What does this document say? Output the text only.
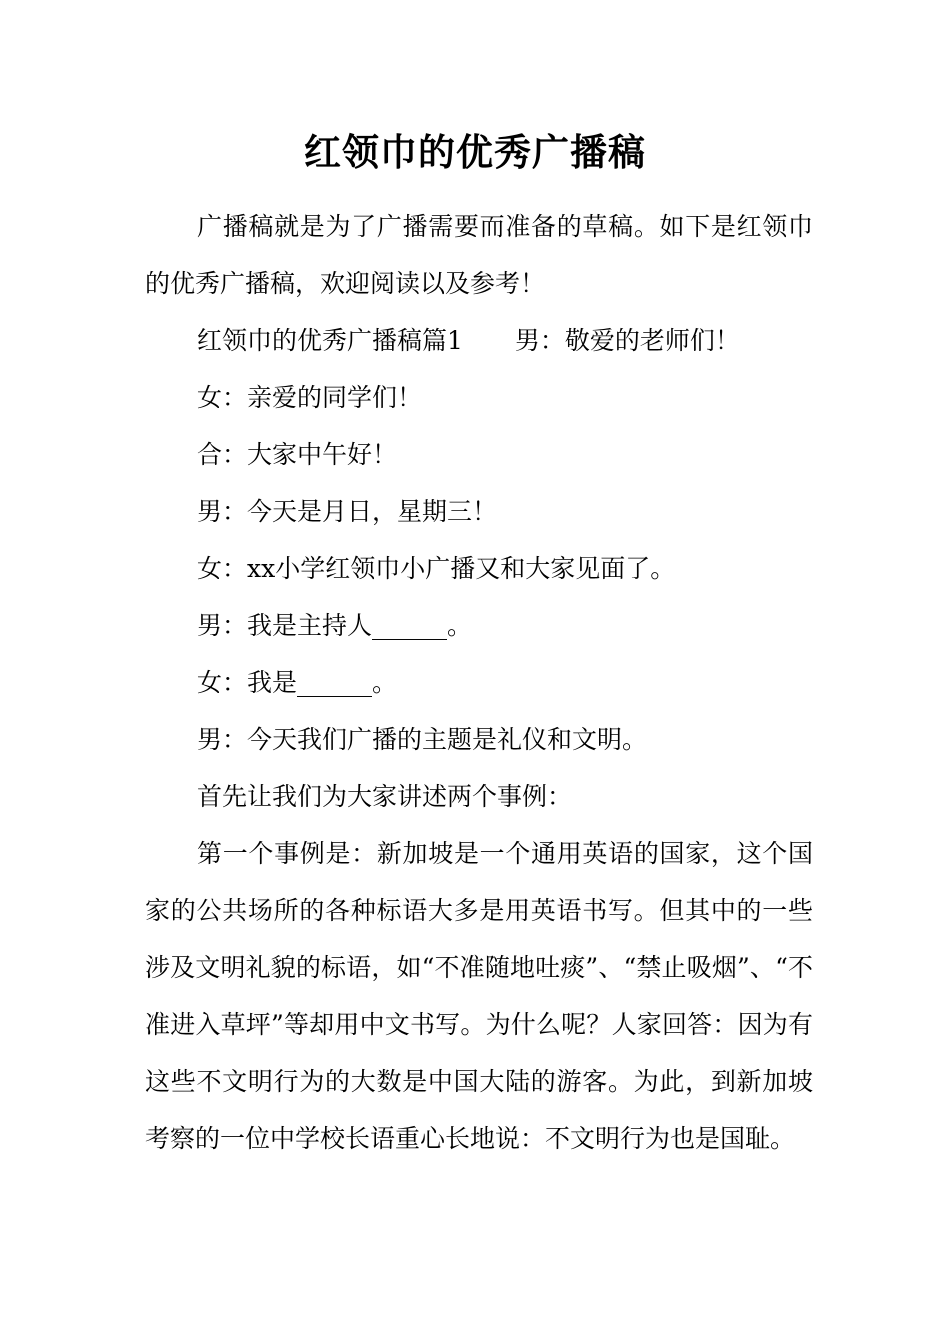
红领巾的优秀广播稿

广播稿就是为了广播需要而准备的草稿。如下是红领巾的优秀广播稿，欢迎阅读以及参考！

红领巾的优秀广播稿篇1 男：敬爱的老师们！

女：亲爱的同学们！

合：大家中午好！

男：今天是月日，星期三！

女：xx小学红领巾小广播又和大家见面了。

男：我是主持人______。

女：我是______。

男：今天我们广播的主题是礼仪和文明。

首先让我们为大家讲述两个事例：

第一个事例是：新加坡是一个通用英语的国家，这个国家的公共场所的各种标语大多是用英语书写。但其中的一些涉及文明礼貌的标语，如“不准随地吐痰”、“禁止吸烟”、“不准进入草坪”等却用中文书写。为什么呢？人家回答：因为有这些不文明行为的大数是中国大陆的游客。为此，到新加坡考察的一位中学校长语重心长地说：不文明行为也是国耻。
